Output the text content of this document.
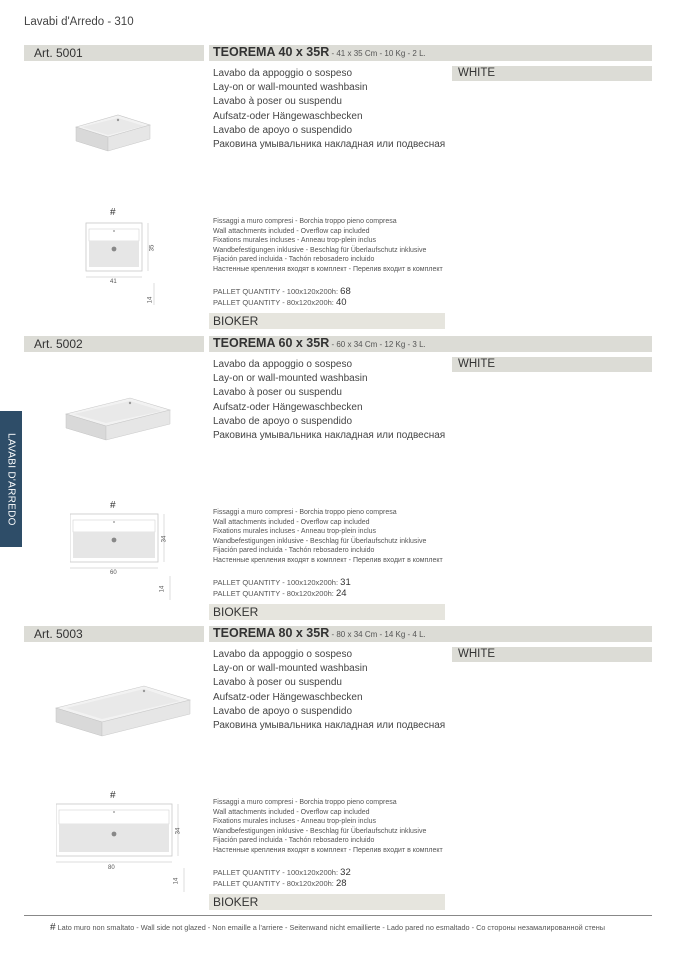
Lavabi d'Arredo - 310
LAVABI D'ARREDO
Art. 5001	TEOREMA 40 x 35R - 41 x 35 Cm - 10 Kg - 2 L.
Lavabo da appoggio o sospeso
Lay-on or wall-mounted washbasin
Lavabo à poser ou suspendu
Aufsatz-oder Hängewaschbecken
Lavabo de apoyo o suspendido
Раковина умывальника накладная или подвесная
WHITE
#
41
35
14
Fissaggi a muro compresi - Borchia troppo pieno compresa
Wall attachments included - Overflow cap included
Fixations murales incluses - Anneau trop-plein inclus
Wandbefestigungen inklusive - Beschlag für Überlaufschutz inklusive
Fijación pared incluida - Tachón rebosadero incluido
Настенные крепления входят в комплект - Перелив входит в комплект
PALLET QUANTITY - 100x120x200h: 68
PALLET QUANTITY - 80x120x200h: 40
BIOKER
Art. 5002	TEOREMA 60 x 35R - 60 x 34 Cm - 12 Kg - 3 L.
Lavabo da appoggio o sospeso
Lay-on or wall-mounted washbasin
Lavabo à poser ou suspendu
Aufsatz-oder Hängewaschbecken
Lavabo de apoyo o suspendido
Раковина умывальника накладная или подвесная
WHITE
#
60
34
14
Fissaggi a muro compresi - Borchia troppo pieno compresa
Wall attachments included - Overflow cap included
Fixations murales incluses - Anneau trop-plein inclus
Wandbefestigungen inklusive - Beschlag für Überlaufschutz inklusive
Fijación pared incluida - Tachón rebosadero incluido
Настенные крепления входят в комплект - Перелив входит в комплект
PALLET QUANTITY - 100x120x200h: 31
PALLET QUANTITY - 80x120x200h: 24
BIOKER
Art. 5003	TEOREMA 80 x 35R - 80 x 34 Cm - 14 Kg - 4 L.
Lavabo da appoggio o sospeso
Lay-on or wall-mounted washbasin
Lavabo à poser ou suspendu
Aufsatz-oder Hängewaschbecken
Lavabo de apoyo o suspendido
Раковина умывальника накладная или подвесная
WHITE
#
80
34
14
Fissaggi a muro compresi - Borchia troppo pieno compresa
Wall attachments included - Overflow cap included
Fixations murales incluses - Anneau trop-plein inclus
Wandbefestigungen inklusive - Beschlag für Überlaufschutz inklusive
Fijación pared incluida - Tachón rebosadero incluido
Настенные крепления входят в комплект - Перелив входит в комплект
PALLET QUANTITY - 100x120x200h: 32
PALLET QUANTITY - 80x120x200h: 28
BIOKER
# Lato muro non smaltato - Wall side not glazed - Non emaille a l'arriere - Seitenwand nicht emaillierte - Lado pared no esmaltado - Со стороны незамалированной стены
